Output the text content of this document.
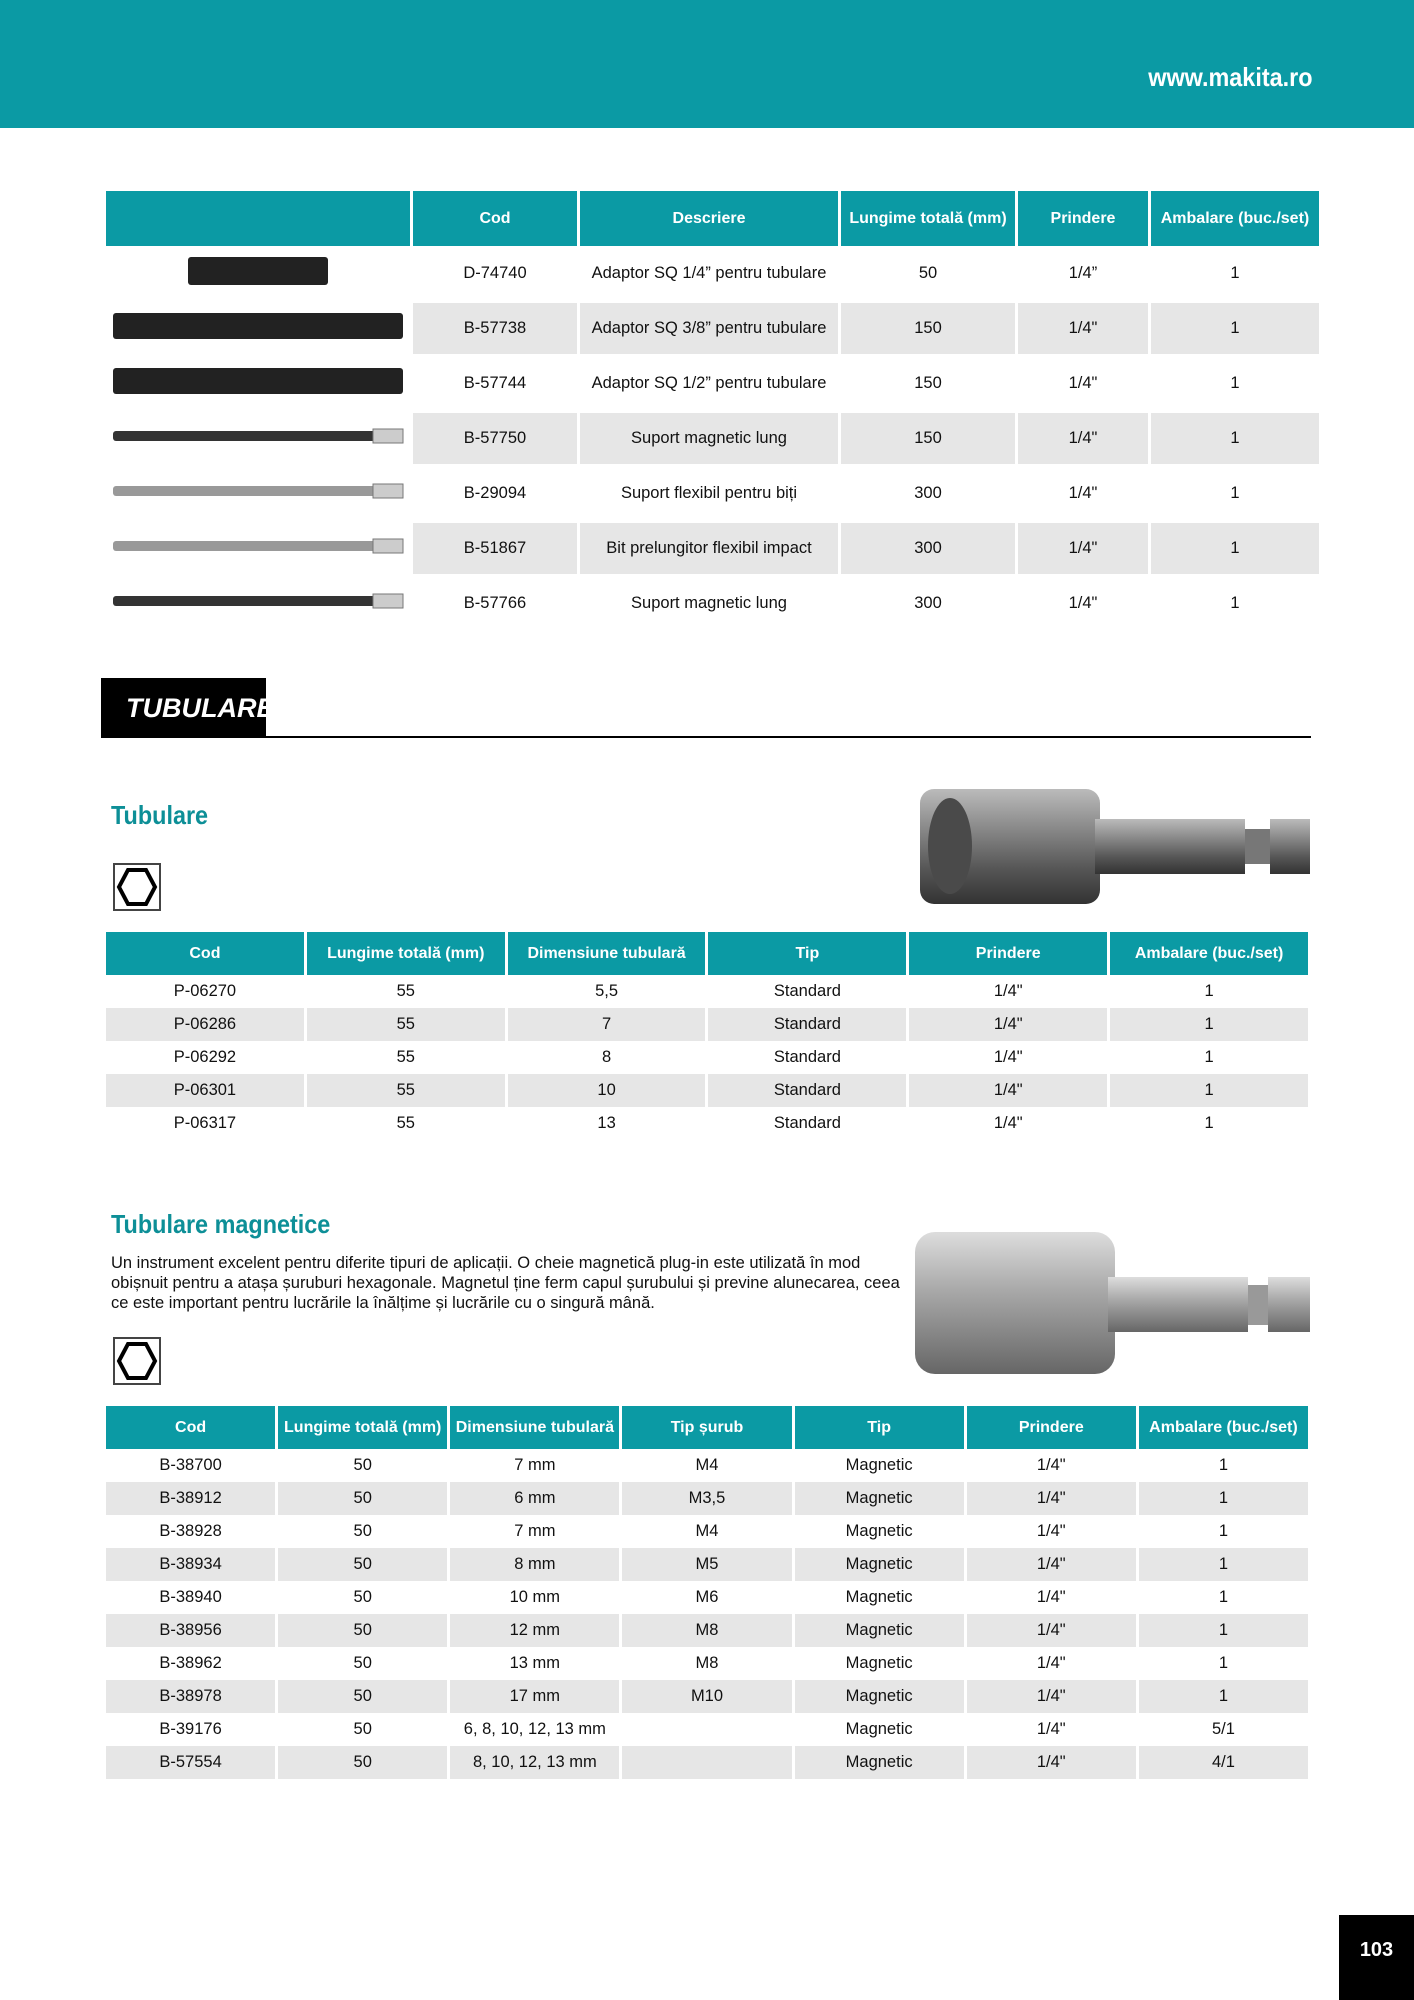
www.makita.ro
	Cod	Descriere	Lungime totală (mm)	Prindere	Ambalare (buc./set)
	D-74740	Adaptor SQ 1/4” pentru tubulare	50	1/4”	1
	B-57738	Adaptor SQ 3/8” pentru tubulare	150	1/4"	1
	B-57744	Adaptor SQ 1/2” pentru tubulare	150	1/4"	1
	B-57750	Suport magnetic lung	150	1/4"	1
	B-29094	Suport flexibil pentru biți	300	1/4"	1
	B-51867	Bit prelungitor flexibil impact	300	1/4"	1
	B-57766	Suport magnetic lung	300	1/4"	1
TUBULARE
Tubulare
Cod	Lungime totală (mm)	Dimensiune tubulară	Tip	Prindere	Ambalare (buc./set)
P-06270	55	5,5	Standard	1/4"	1
P-06286	55	7	Standard	1/4"	1
P-06292	55	8	Standard	1/4"	1
P-06301	55	10	Standard	1/4"	1
P-06317	55	13	Standard	1/4"	1
Tubulare magnetice
Un instrument excelent pentru diferite tipuri de aplicații. O cheie magnetică plug-in este utilizată în mod obișnuit pentru a atașa șuruburi hexagonale. Magnetul ține ferm capul șurubului și previne alunecarea, ceea ce este important pentru lucrările la înălțime și lucrările cu o singură mână.
Cod	Lungime totală (mm)	Dimensiune tubulară	Tip șurub	Tip	Prindere	Ambalare (buc./set)
B-38700	50	7 mm	M4	Magnetic	1/4"	1
B-38912	50	6 mm	M3,5	Magnetic	1/4"	1
B-38928	50	7 mm	M4	Magnetic	1/4"	1
B-38934	50	8 mm	M5	Magnetic	1/4"	1
B-38940	50	10 mm	M6	Magnetic	1/4"	1
B-38956	50	12 mm	M8	Magnetic	1/4"	1
B-38962	50	13 mm	M8	Magnetic	1/4"	1
B-38978	50	17 mm	M10	Magnetic	1/4"	1
B-39176	50	6, 8, 10, 12, 13 mm		Magnetic	1/4"	5/1
B-57554	50	8, 10, 12, 13 mm		Magnetic	1/4"	4/1
103
